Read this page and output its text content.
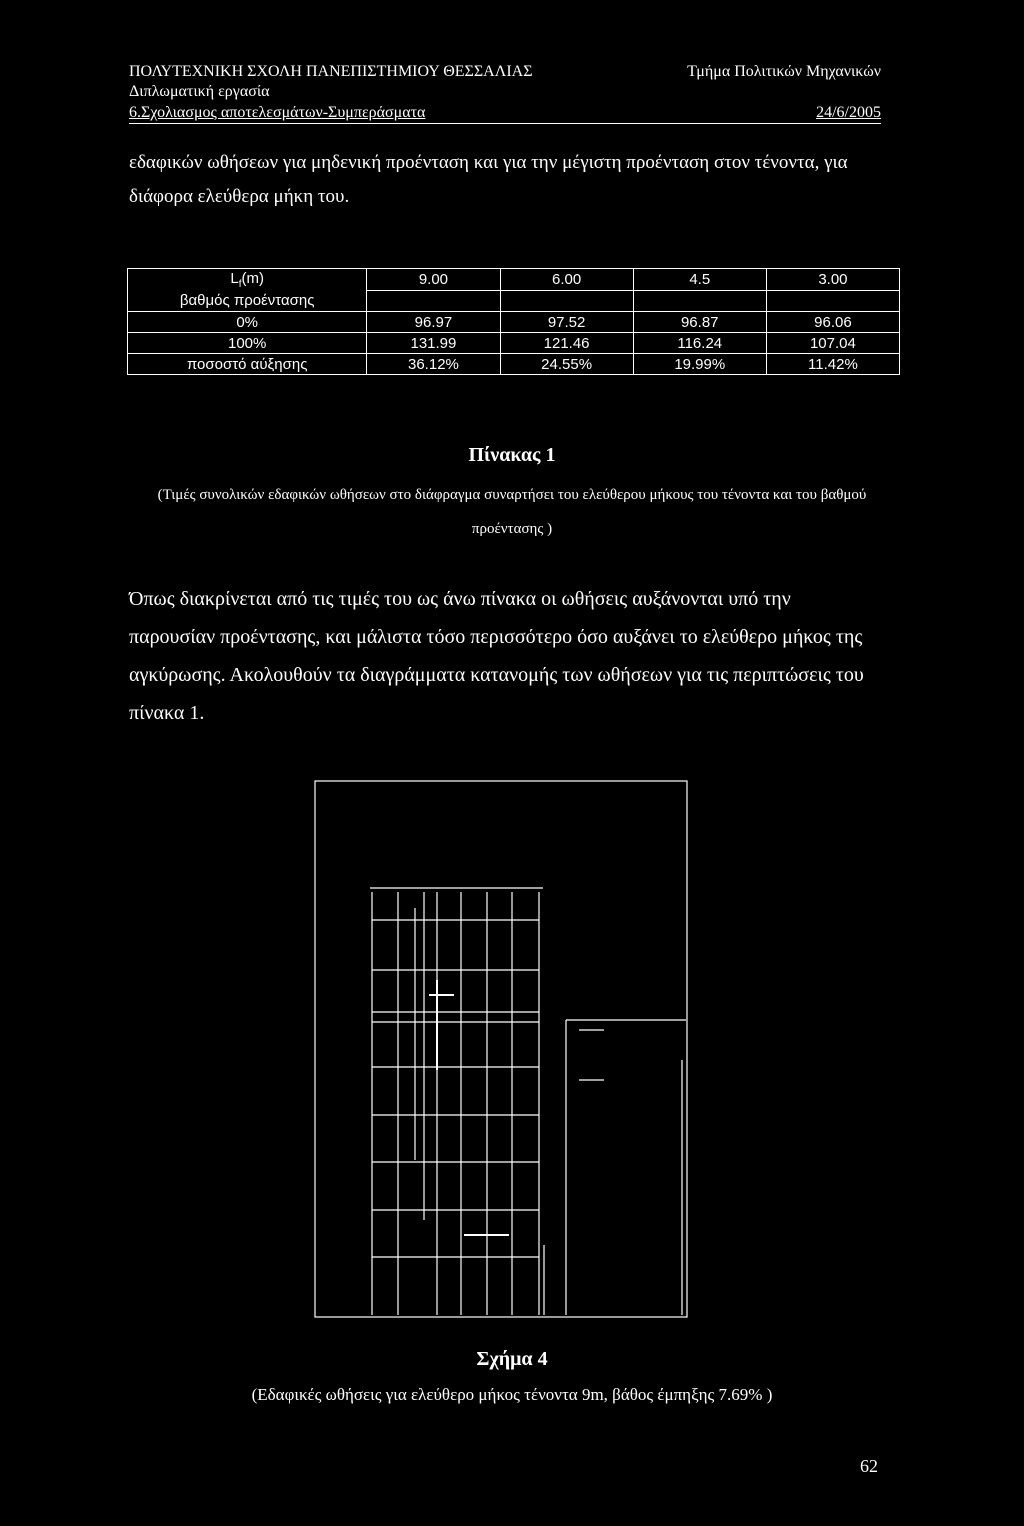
ΠΟΛΥΤΕΧΝΙΚΗ ΣΧΟΛΗ ΠΑΝΕΠΙΣΤΗΜΙΟΥ ΘΕΣΣΑΛΙΑΣ	Τμήμα Πολιτικών Μηχανικών
Διπλωματική εργασία
6.Σχολιασμος αποτελεσμάτων-Συμπεράσματα	24/6/2005
εδαφικών ωθήσεων για μηδενική προένταση και για την μέγιστη προένταση στον τένοντα, για διάφορα ελεύθερα μήκη του.
$L_f(m)$	9.00	6.00	4.5	3.00
βαθμός προέντασης				
0%	96.97	97.52	96.87	96.06
100%	131.99	121.46	116.24	107.04
ποσοστό αύξησης	36.12%	24.55%	19.99%	11.42%
Πίνακας 1
(Τιμές συνολικών εδαφικών ωθήσεων στο διάφραγμα συναρτήσει του ελεύθερου μήκους του τένοντα και του βαθμού προέντασης )
Όπως διακρίνεται από τις τιμές του ως άνω πίνακα οι ωθήσεις αυξάνονται υπό την παρουσίαν προέντασης, και μάλιστα τόσο περισσότερο όσο αυξάνει το ελεύθερο μήκος της αγκύρωσης. Ακολουθούν τα διαγράμματα κατανομής των ωθήσεων για τις περιπτώσεις του πίνακα 1.
Σχήμα 4
(Εδαφικές ωθήσεις για ελεύθερο μήκος τένοντα 9m, βάθος έμπηξης 7.69% )
62
